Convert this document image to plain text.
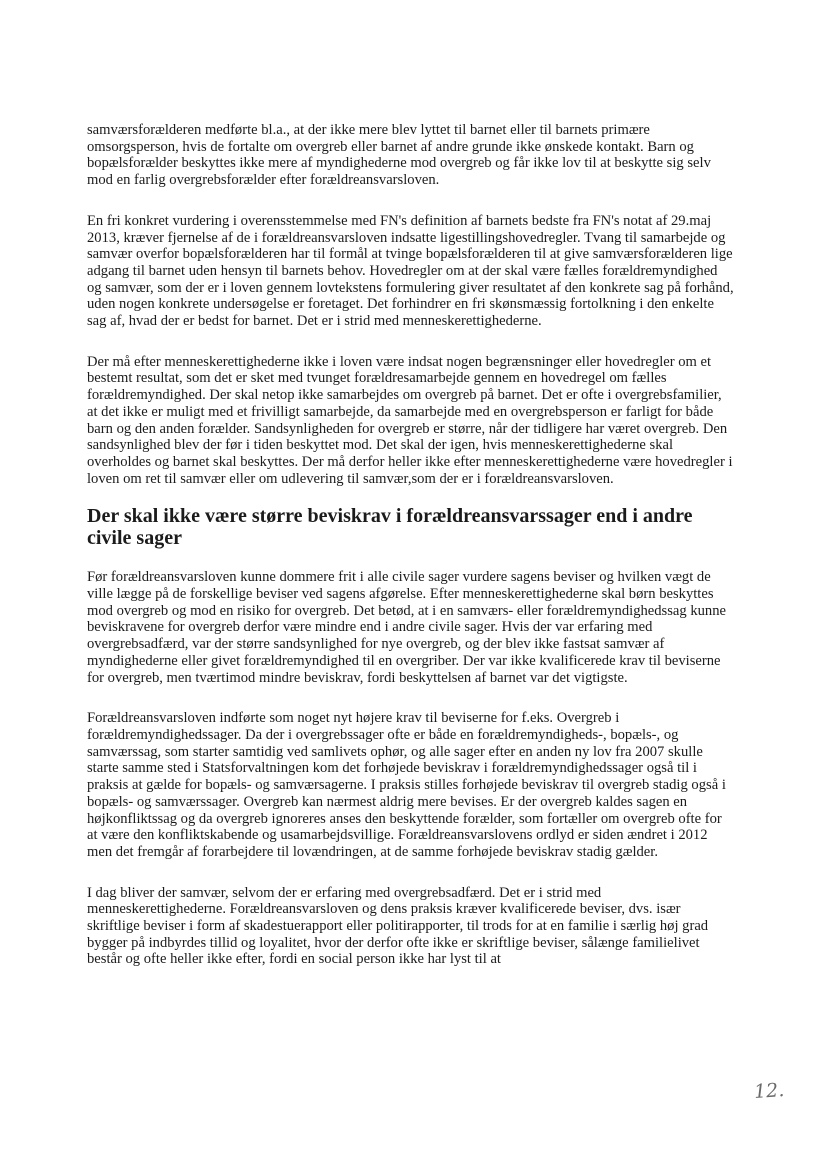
samværsforælderen medførte bl.a., at der ikke mere blev lyttet til barnet eller til barnets primære omsorgsperson, hvis de fortalte om overgreb eller barnet af andre grunde ikke ønskede kontakt. Barn og bopælsforælder beskyttes ikke mere af myndighederne mod overgreb og får ikke lov til at beskytte sig selv mod en farlig overgrebsforælder efter forældreansvarsloven.

En fri konkret vurdering i overensstemmelse med FN's definition af barnets bedste fra FN's notat af 29.maj 2013, kræver fjernelse af de i forældreansvarsloven indsatte ligestillingshovedregler. Tvang til samarbejde og samvær overfor bopælsforælderen har til formål at tvinge bopælsforælderen til at give samværsforælderen lige adgang til barnet uden hensyn til barnets behov. Hovedregler om at der skal være fælles forældremyndighed og samvær, som der er i loven gennem lovtekstens formulering giver resultatet af den konkrete sag på forhånd, uden nogen konkrete undersøgelse er foretaget. Det forhindrer en fri skønsmæssig fortolkning i den enkelte sag af, hvad der er bedst for barnet. Det er i strid med menneskerettighederne.

Der må efter menneskerettighederne ikke i loven være indsat nogen begrænsninger eller hovedregler om et bestemt resultat, som det er sket med tvunget forældresamarbejde gennem en hovedregel om fælles forældremyndighed. Der skal netop ikke samarbejdes om overgreb på barnet. Det er ofte i overgrebsfamilier, at det ikke er muligt med et frivilligt samarbejde, da samarbejde med en overgrebsperson er farligt for både barn og den anden forælder. Sandsynligheden for overgreb er større, når der tidligere har været overgreb. Den sandsynlighed blev der før i tiden beskyttet mod. Det skal der igen, hvis menneskerettighederne skal overholdes og barnet skal beskyttes. Der må derfor heller ikke efter menneskerettighederne være hovedregler i loven om ret til samvær eller om udlevering til samvær,som der er i forældreansvarsloven.

Der skal ikke være større beviskrav i forældreansvarssager end i andre civile sager

Før forældreansvarsloven kunne dommere frit i alle civile sager vurdere sagens beviser og hvilken vægt de ville lægge på de forskellige beviser ved sagens afgørelse. Efter menneskerettighederne skal børn beskyttes mod overgreb og mod en risiko for overgreb. Det betød, at i en samværs- eller forældremyndighedssag kunne beviskravene for overgreb derfor være mindre end i andre civile sager. Hvis der var erfaring med overgrebsadfærd, var der større sandsynlighed for nye overgreb, og der blev ikke fastsat samvær af myndighederne eller givet forældremyndighed til en overgriber. Der var ikke kvalificerede krav til beviserne for overgreb, men tværtimod mindre beviskrav, fordi beskyttelsen af barnet var det vigtigste.

Forældreansvarsloven indførte som noget nyt højere krav til beviserne for f.eks. Overgreb i forældremyndighedssager. Da der i overgrebssager ofte er både en forældremyndigheds-, bopæls-, og samværssag, som starter samtidig ved samlivets ophør, og alle sager efter en anden ny lov fra 2007 skulle starte samme sted i Statsforvaltningen kom det forhøjede beviskrav i forældremyndighedssager også til i praksis at gælde for bopæls- og samværsagerne. I praksis stilles forhøjede beviskrav til overgreb stadig også i bopæls- og samværssager. Overgreb kan nærmest aldrig mere bevises. Er der overgreb kaldes sagen en højkonfliktssag og da overgreb ignoreres anses den beskyttende forælder, som fortæller om overgreb ofte for at være den konfliktskabende og usamarbejdsvillige. Forældreansvarslovens ordlyd er siden ændret i 2012 men det fremgår af forarbejdere til lovændringen, at de samme forhøjede beviskrav stadig gælder.

I dag bliver der samvær, selvom der er erfaring med overgrebsadfærd. Det er i strid med menneskerettighederne. Forældreansvarsloven og dens praksis kræver kvalificerede beviser, dvs. især skriftlige beviser i form af skadestuerapport eller politirapporter, til trods for at en familie i særlig høj grad bygger på indbyrdes tillid og loyalitet, hvor der derfor ofte ikke er skriftlige beviser, sålænge familielivet består og ofte heller ikke efter, fordi en social person ikke har lyst til at

12.
